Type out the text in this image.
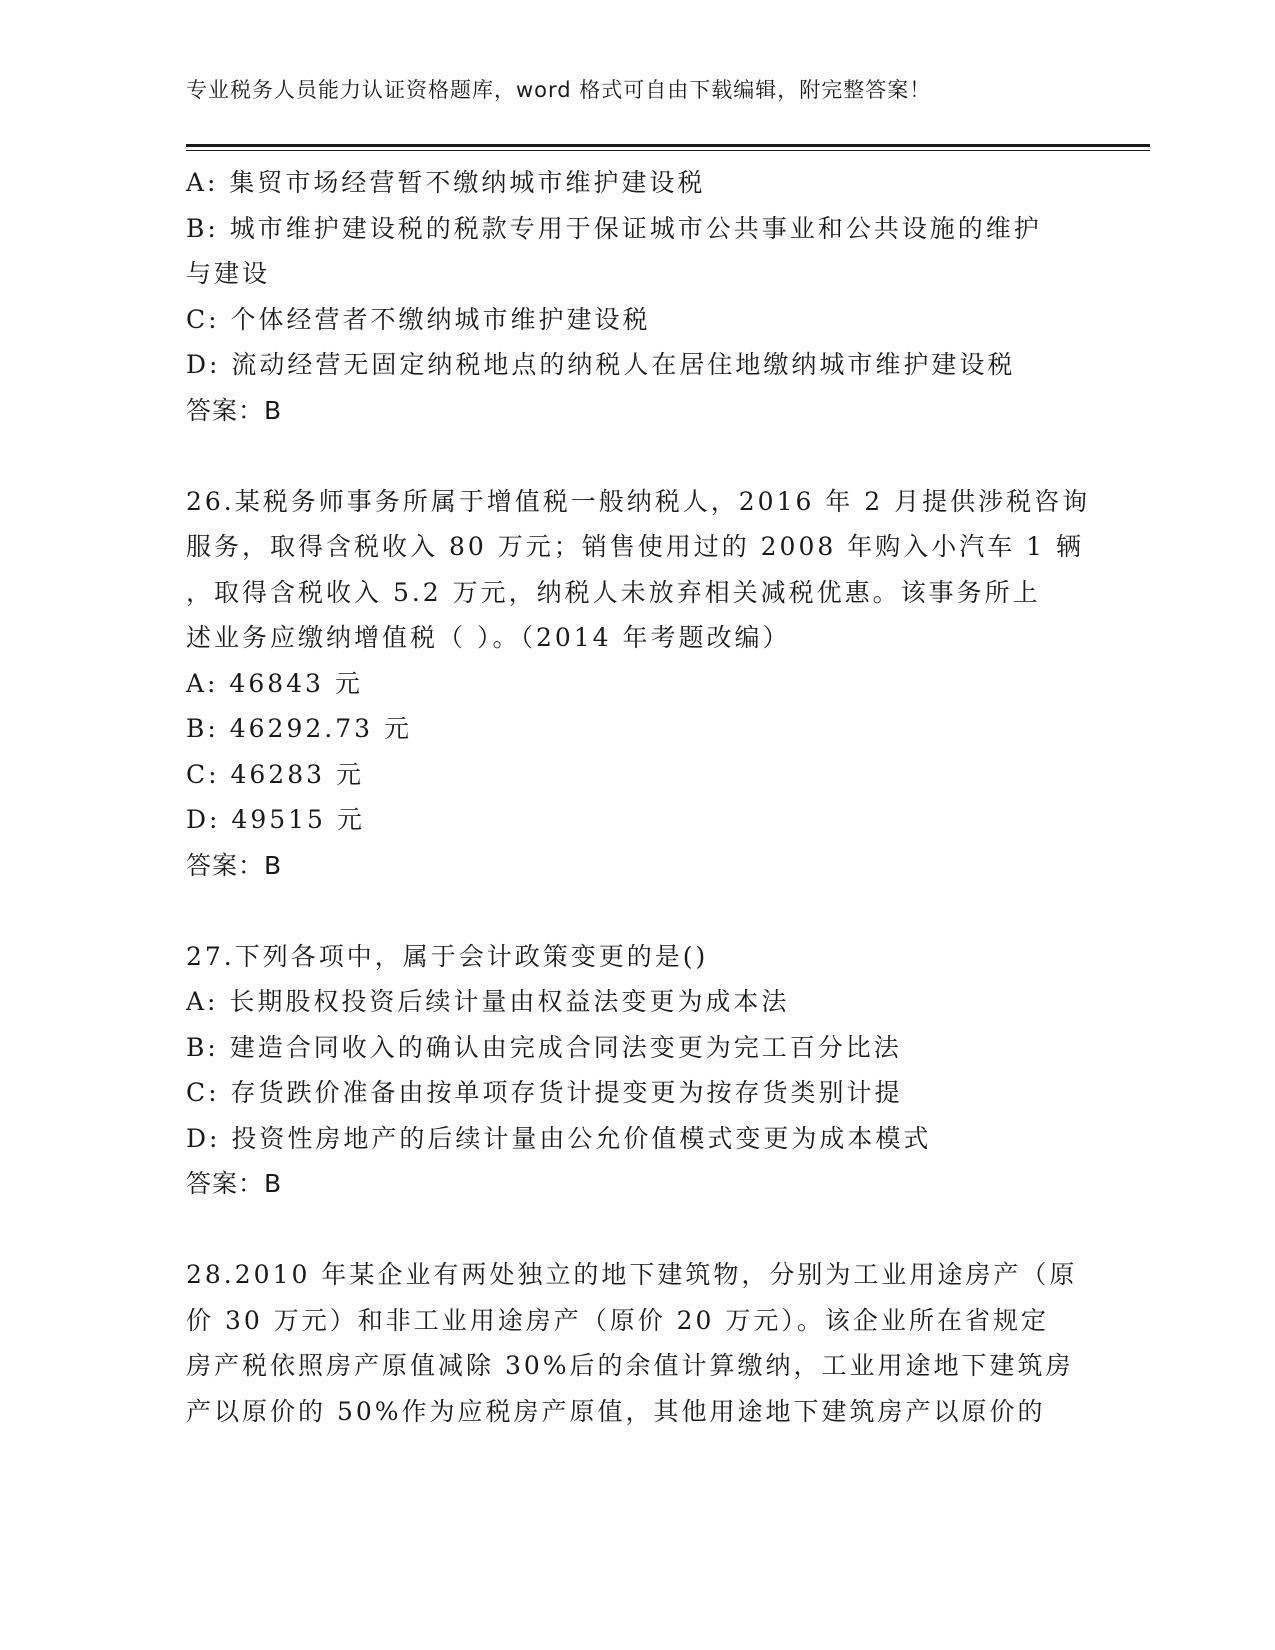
专业税务人员能力认证资格题库，word 格式可自由下载编辑，附完整答案！
A: 集贸市场经营暂不缴纳城市维护建设税
B: 城市维护建设税的税款专用于保证城市公共事业和公共设施的维护
与建设
C: 个体经营者不缴纳城市维护建设税
D: 流动经营无固定纳税地点的纳税人在居住地缴纳城市维护建设税
答案：B
26.某税务师事务所属于增值税一般纳税人，2016 年 2 月提供涉税咨询
服务，取得含税收入 80 万元；销售使用过的 2008 年购入小汽车 1 辆
，取得含税收入 5.2 万元，纳税人未放弃相关减税优惠。该事务所上
述业务应缴纳增值税（ ）。（2014 年考题改编）
A: 46843 元
B: 46292.73 元
C: 46283 元
D: 49515 元
答案：B
27.下列各项中，属于会计政策变更的是()
A: 长期股权投资后续计量由权益法变更为成本法
B: 建造合同收入的确认由完成合同法变更为完工百分比法
C: 存货跌价准备由按单项存货计提变更为按存货类别计提
D: 投资性房地产的后续计量由公允价值模式变更为成本模式
答案：B
28.2010 年某企业有两处独立的地下建筑物，分别为工业用途房产（原
价 30 万元）和非工业用途房产（原价 20 万元）。该企业所在省规定
房产税依照房产原值减除 30%后的余值计算缴纳，工业用途地下建筑房
产以原价的 50%作为应税房产原值，其他用途地下建筑房产以原价的
